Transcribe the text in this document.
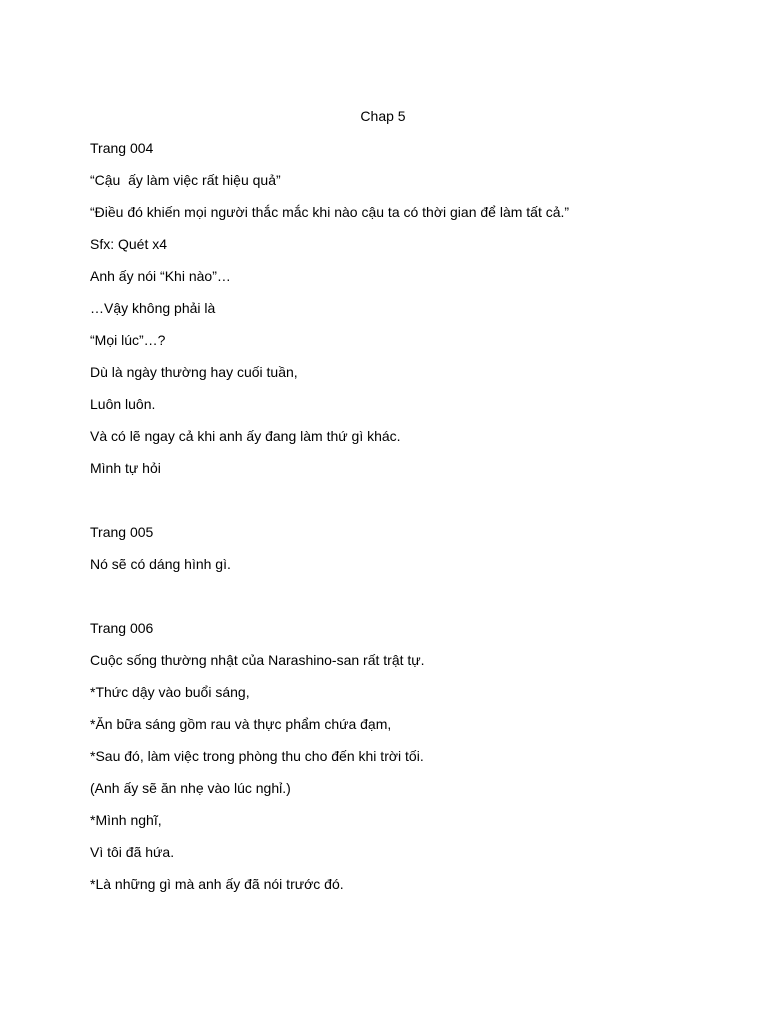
Chap 5
Trang 004
“Cậu  ấy làm việc rất hiệu quả”
“Điều đó khiến mọi người thắc mắc khi nào cậu ta có thời gian để làm tất cả.”
Sfx: Quét x4
Anh ấy nói “Khi nào”…
…Vậy không phải là
“Mọi lúc”…?
Dù là ngày thường hay cuối tuần,
Luôn luôn.
Và có lẽ ngay cả khi anh ấy đang làm thứ gì khác.
Mình tự hỏi
Trang 005
Nó sẽ có dáng hình gì.
Trang 006
Cuộc sống thường nhật của Narashino-san rất trật tự.
*Thức dậy vào buổi sáng,
*Ăn bữa sáng gồm rau và thực phẩm chứa đạm,
*Sau đó, làm việc trong phòng thu cho đến khi trời tối.
(Anh ấy sẽ ăn nhẹ vào lúc nghỉ.)
*Mình nghĩ,
Vì tôi đã hứa.
*Là những gì mà anh ấy đã nói trước đó.
